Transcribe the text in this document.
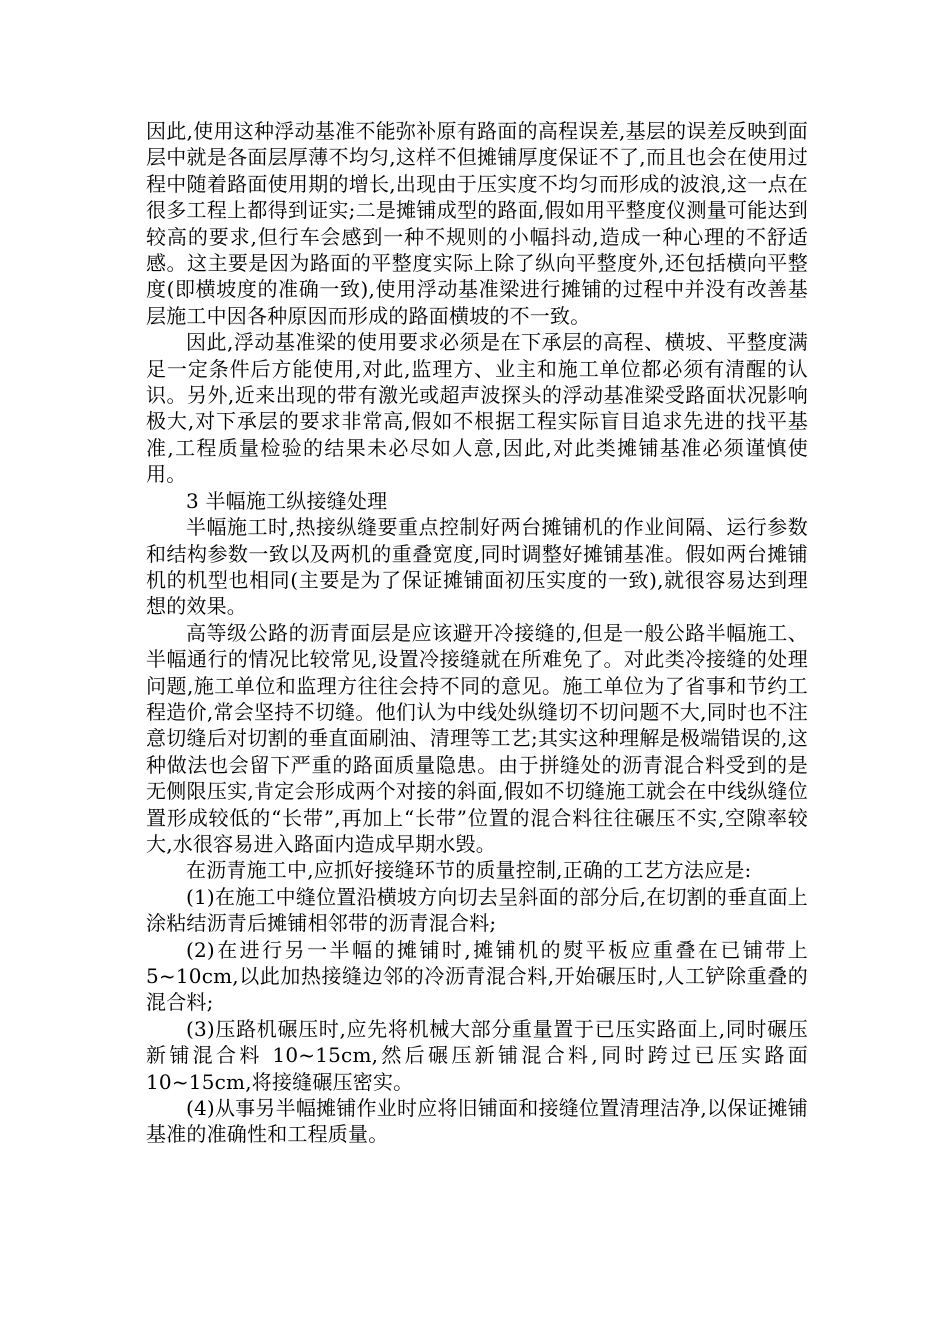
因此,使用这种浮动基准不能弥补原有路面的高程误差,基层的误差反映到面层中就是各面层厚薄不均匀,这样不但摊铺厚度保证不了,而且也会在使用过程中随着路面使用期的增长,出现由于压实度不均匀而形成的波浪,这一点在很多工程上都得到证实;二是摊铺成型的路面,假如用平整度仪测量可能达到较高的要求,但行车会感到一种不规则的小幅抖动,造成一种心理的不舒适感。这主要是因为路面的平整度实际上除了纵向平整度外,还包括横向平整度(即横坡度的准确一致),使用浮动基准梁进行摊铺的过程中并没有改善基层施工中因各种原因而形成的路面横坡的不一致。

因此,浮动基准梁的使用要求必须是在下承层的高程、横坡、平整度满足一定条件后方能使用,对此,监理方、业主和施工单位都必须有清醒的认识。另外,近来出现的带有激光或超声波探头的浮动基准梁受路面状况影响极大,对下承层的要求非常高,假如不根据工程实际盲目追求先进的找平基准,工程质量检验的结果未必尽如人意,因此,对此类摊铺基准必须谨慎使用。

3 半幅施工纵接缝处理

半幅施工时,热接纵缝要重点控制好两台摊铺机的作业间隔、运行参数和结构参数一致以及两机的重叠宽度,同时调整好摊铺基准。假如两台摊铺机的机型也相同(主要是为了保证摊铺面初压实度的一致),就很容易达到理想的效果。

高等级公路的沥青面层是应该避开冷接缝的,但是一般公路半幅施工、半幅通行的情况比较常见,设置冷接缝就在所难免了。对此类冷接缝的处理问题,施工单位和监理方往往会持不同的意见。施工单位为了省事和节约工程造价,常会坚持不切缝。他们认为中线处纵缝切不切问题不大,同时也不注意切缝后对切割的垂直面刷油、清理等工艺;其实这种理解是极端错误的,这种做法也会留下严重的路面质量隐患。由于拼缝处的沥青混合料受到的是无侧限压实,肯定会形成两个对接的斜面,假如不切缝施工就会在中线纵缝位置形成较低的“长带”,再加上“长带”位置的混合料往往碾压不实,空隙率较大,水很容易进入路面内造成早期水毁。

在沥青施工中,应抓好接缝环节的质量控制,正确的工艺方法应是:

(1)在施工中缝位置沿横坡方向切去呈斜面的部分后,在切割的垂直面上涂粘结沥青后摊铺相邻带的沥青混合料;

(2)在进行另一半幅的摊铺时,摊铺机的熨平板应重叠在已铺带上5~10cm,以此加热接缝边邻的冷沥青混合料,开始碾压时,人工铲除重叠的混合料;

(3)压路机碾压时,应先将机械大部分重量置于已压实路面上,同时碾压新铺混合料 10~15cm,然后碾压新铺混合料,同时跨过已压实路面10~15cm,将接缝碾压密实。

(4)从事另半幅摊铺作业时应将旧铺面和接缝位置清理洁净,以保证摊铺基准的准确性和工程质量。
